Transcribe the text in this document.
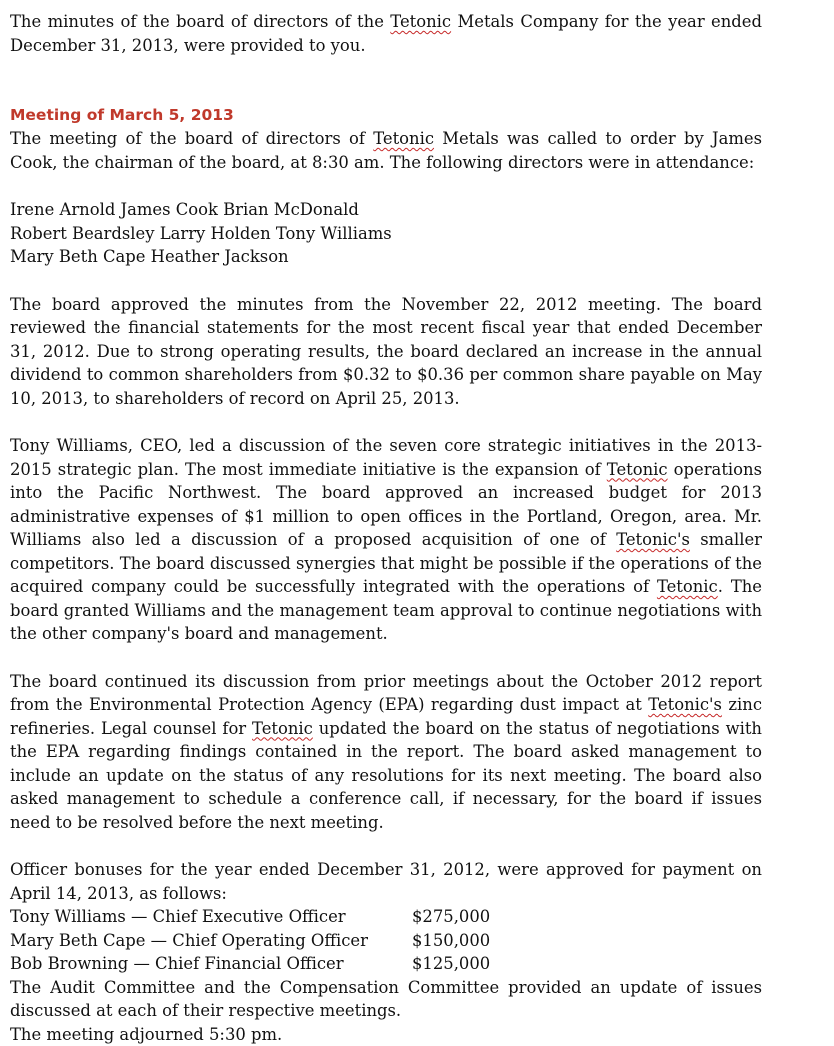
The minutes of the board of directors of the Tetonic Metals Company for the year ended December 31, 2013, were provided to you.

Meeting of March 5, 2013

The meeting of the board of directors of Tetonic Metals was called to order by James Cook, the chairman of the board, at 8:30 am. The following directors were in attendance:

Irene Arnold James Cook Brian McDonald

Robert Beardsley Larry Holden Tony Williams

Mary Beth Cape Heather Jackson

The board approved the minutes from the November 22, 2012 meeting. The board reviewed the financial statements for the most recent fiscal year that ended December 31, 2012. Due to strong operating results, the board declared an increase in the annual dividend to common shareholders from $0.32 to $0.36 per common share payable on May 10, 2013, to shareholders of record on April 25, 2013.

Tony Williams, CEO, led a discussion of the seven core strategic initiatives in the 2013-2015 strategic plan. The most immediate initiative is the expansion of Tetonic operations into the Pacific Northwest. The board approved an increased budget for 2013 administrative expenses of $1 million to open offices in the Portland, Oregon, area. Mr. Williams also led a discussion of a proposed acquisition of one of Tetonic's smaller competitors. The board discussed synergies that might be possible if the operations of the acquired company could be successfully integrated with the operations of Tetonic. The board granted Williams and the management team approval to continue negotiations with the other company's board and management.

The board continued its discussion from prior meetings about the October 2012 report from the Environmental Protection Agency (EPA) regarding dust impact at Tetonic's zinc refineries. Legal counsel for Tetonic updated the board on the status of negotiations with the EPA regarding findings contained in the report. The board asked management to include an update on the status of any resolutions for its next meeting. The board also asked management to schedule a conference call, if necessary, for the board if issues need to be resolved before the next meeting.

Officer bonuses for the year ended December 31, 2012, were approved for payment on April 14, 2013, as follows:

Tony Williams — Chief Executive Officer	$275,000
Mary Beth Cape — Chief Operating Officer	$150,000
Bob Browning — Chief Financial Officer	$125,000

The Audit Committee and the Compensation Committee provided an update of issues discussed at each of their respective meetings.

The meeting adjourned 5:30 pm.
